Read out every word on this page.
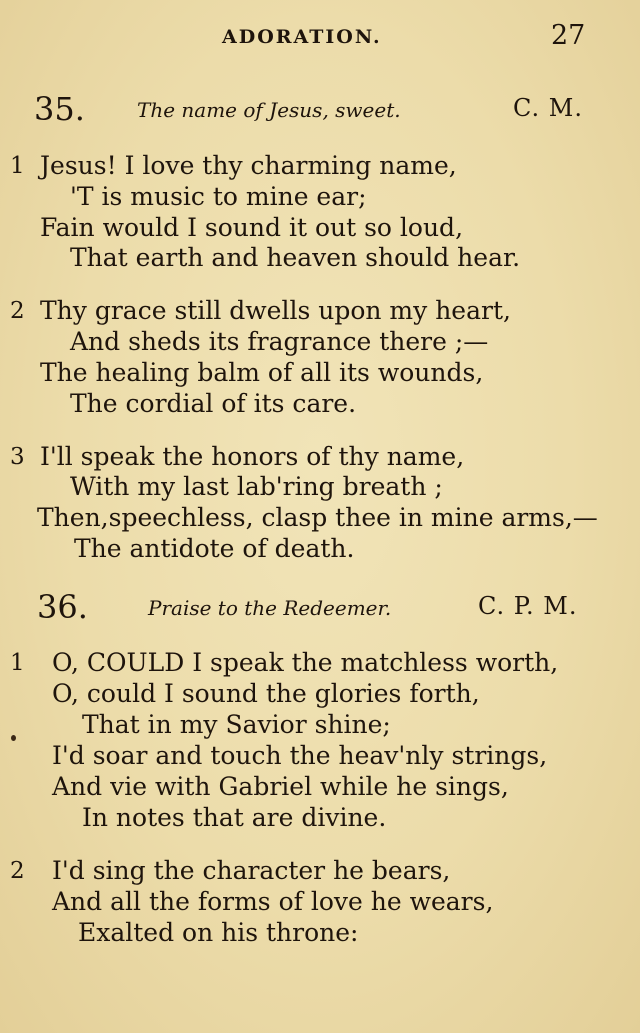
ADORATION.	27
35.	The name of Jesus, sweet.	C. M.
1 Jesus! I love thy charming name,
'T is music to mine ear;
Fain would I sound it out so loud,
That earth and heaven should hear.
2 Thy grace still dwells upon my heart,
And sheds its fragrance there ;—
The healing balm of all its wounds,
The cordial of its care.
3 I'll speak the honors of thy name,
With my last lab'ring breath ;
Then,speechless, clasp thee in mine arms,—
The antidote of death.
36.	Praise to the Redeemer.	C. P. M.
1 O, COULD I speak the matchless worth,
O, could I sound the glories forth,
That in my Savior shine;
I'd soar and touch the heav'nly strings,
And vie with Gabriel while he sings,
In notes that are divine.
2 I'd sing the character he bears,
And all the forms of love he wears,
Exalted on his throne:
